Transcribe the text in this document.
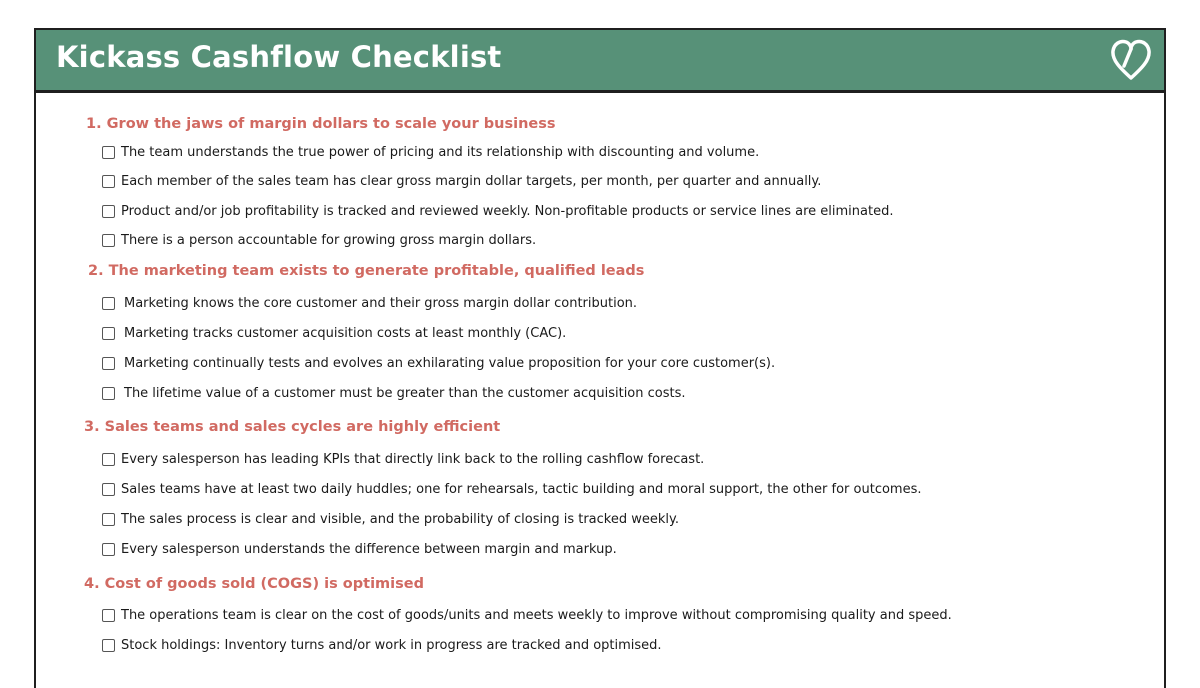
Kickass Cashflow Checklist
1. Grow the jaws of margin dollars to scale your business
The team understands the true power of pricing and its relationship with discounting and volume.
Each member of the sales team has clear gross margin dollar targets, per month, per quarter and annually.
Product and/or job profitability is tracked and reviewed weekly. Non-profitable products or service lines are eliminated.
There is a person accountable for growing gross margin dollars.
2. The marketing team exists to generate profitable, qualified leads
Marketing knows the core customer and their gross margin dollar contribution.
Marketing tracks customer acquisition costs at least monthly (CAC).
Marketing continually tests and evolves an exhilarating value proposition for your core customer(s).
The lifetime value of a customer must be greater than the customer acquisition costs.
3. Sales teams and sales cycles are highly efficient
Every salesperson has leading KPIs that directly link back to the rolling cashflow forecast.
Sales teams have at least two daily huddles; one for rehearsals, tactic building and moral support, the other for outcomes.
The sales process is clear and visible, and the probability of closing is tracked weekly.
Every salesperson understands the difference between margin and markup.
4. Cost of goods sold (COGS) is optimised
The operations team is clear on the cost of goods/units and meets weekly to improve without compromising quality and speed.
Stock holdings: Inventory turns and/or work in progress are tracked and optimised.
